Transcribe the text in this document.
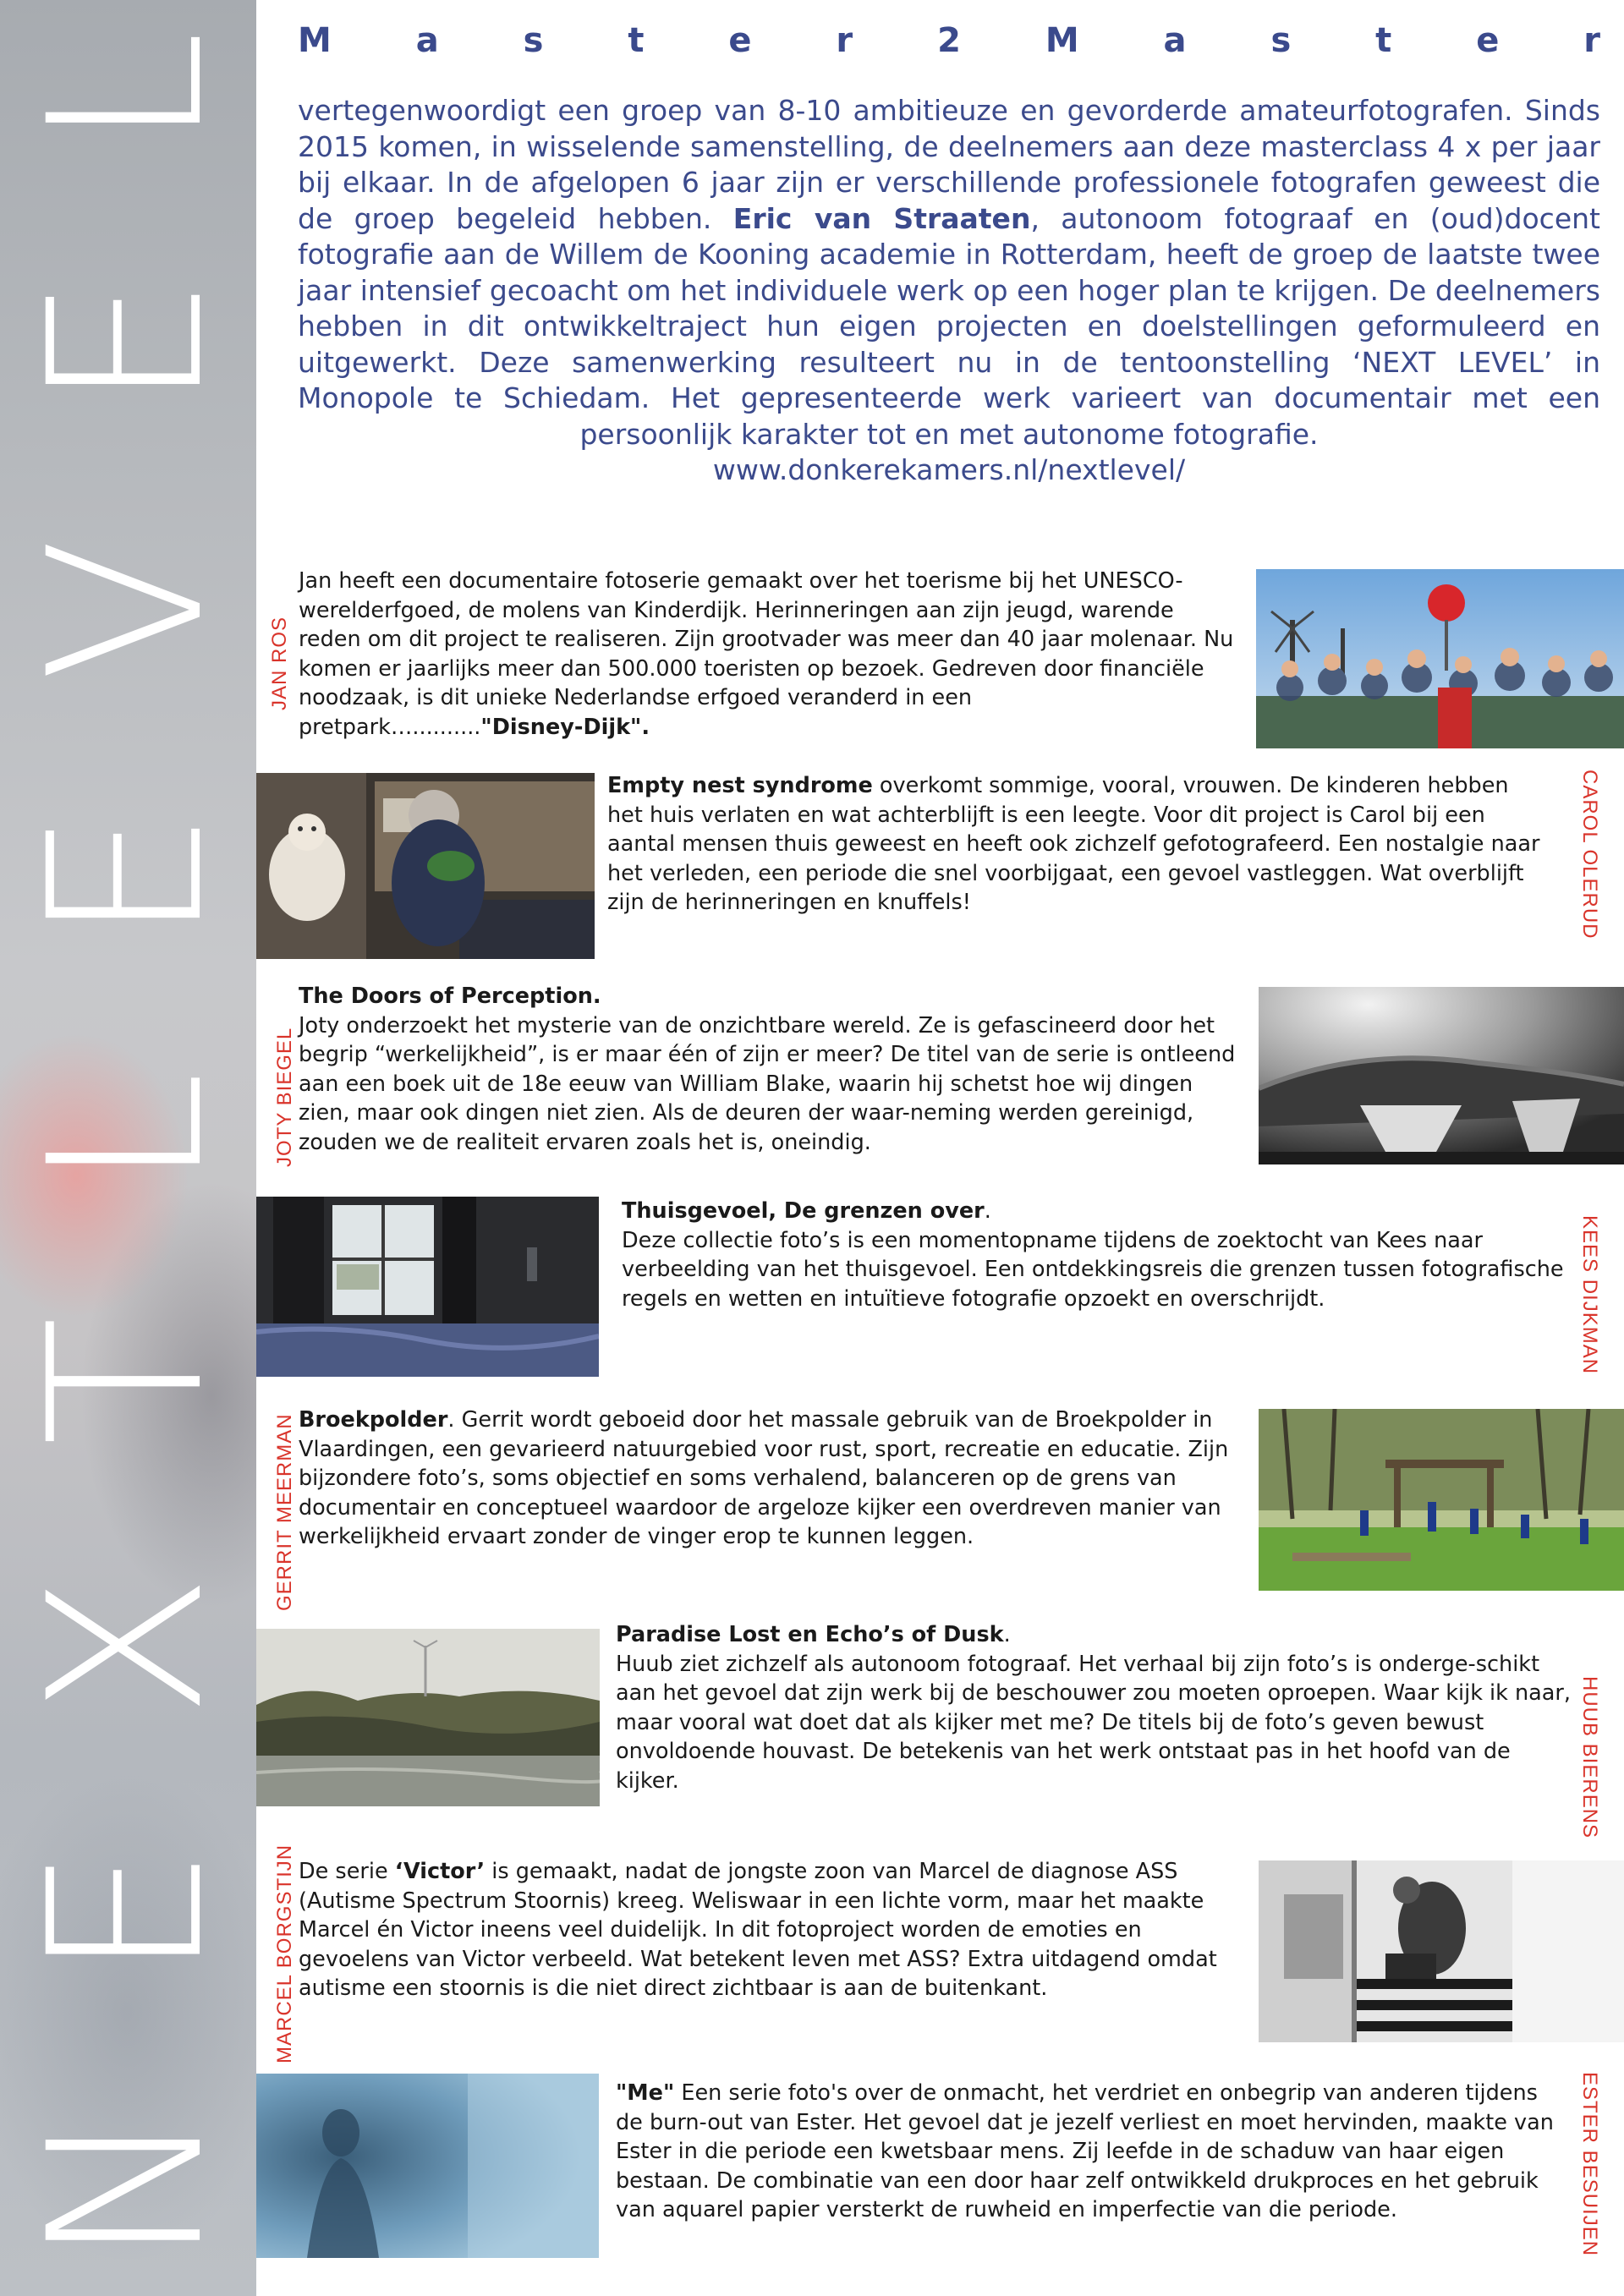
N
E
X
T
L
E
V
E
L M a s t e r 2 M a s t e r

vertegenwoordigt een groep van 8-10 ambitieuze en gevorderde amateurfotografen. Sinds 2015 komen, in wisselende samenstelling, de deelnemers aan deze masterclass 4 x per jaar bij elkaar. In de afgelopen 6 jaar zijn er verschillende professionele fotografen geweest die de groep begeleid hebben. Eric van Straaten, autonoom fotograaf en (oud)docent fotografie aan de Willem de Kooning academie in Rotterdam, heeft de groep de laatste twee jaar intensief gecoacht om het individuele werk op een hoger plan te krijgen. De deelnemers hebben in dit ontwikkeltraject hun eigen projecten en doelstellingen geformuleerd en uitgewerkt. Deze samenwerking resulteert nu in de tentoonstelling ‘NEXT LEVEL’ in Monopole te Schiedam. Het gepresenteerde werk varieert van documentair met een persoonlijk karakter tot en met autonome fotografie.

www.donkerekamers.nl/nextlevel/
JAN ROS
Jan heeft een documentaire fotoserie gemaakt over het toerisme bij het UNESCO-werelderfgoed, de molens van Kinderdijk. Herinneringen aan zijn jeugd, warende reden om dit project te realiseren. Zijn grootvader was meer dan 40 jaar molenaar. Nu komen er jaarlijks meer dan 500.000 toeristen op bezoek. Gedreven door financiële noodzaak, is dit unieke Nederlandse erfgoed veranderd in een pretpark….........."Disney-Dijk".
Empty nest syndrome overkomt sommige, vooral, vrouwen. De kinderen hebben het huis verlaten en wat achterblijft is een leegte. Voor dit project is Carol bij een aantal mensen thuis geweest en heeft ook zichzelf gefotografeerd. Een nostalgie naar het verleden, een periode die snel voorbijgaat, een gevoel vastleggen. Wat overblijft zijn de herinneringen en knuffels!	CAROL OLERUD
JOTY BIEGEL
The Doors of Perception.
Joty onderzoekt het mysterie van de onzichtbare wereld. Ze is gefascineerd door het begrip “werkelijkheid”, is er maar één of zijn er meer? De titel van de serie is ontleend aan een boek uit de 18e eeuw van William Blake, waarin hij schetst hoe wij dingen zien, maar ook dingen niet zien. Als de deuren der waar-neming werden gereinigd, zouden we de realiteit ervaren zoals het is, oneindig.
Thuisgevoel, De grenzen over.
Deze collectie foto’s is een momentopname tijdens de zoektocht van Kees naar verbeelding van het thuisgevoel. Een ontdekkingsreis die grenzen tussen fotografische regels en wetten en intuïtieve fotografie opzoekt en overschrijdt.	KEES DIJKMAN
GERRIT MEERMAN Broekpolder. Gerrit wordt geboeid door het massale gebruik van de Broekpolder in Vlaardingen, een gevarieerd natuurgebied voor rust, sport, recreatie en educatie. Zijn bijzondere foto’s, soms objectief en soms verhalend, balanceren op de grens van documentair en conceptueel waardoor de argeloze kijker een overdreven manier van werkelijkheid ervaart zonder de vinger erop te kunnen leggen.
Paradise Lost en Echo’s of Dusk.
Huub ziet zichzelf als autonoom fotograaf. Het verhaal bij zijn foto’s is onderge-schikt aan het gevoel dat zijn werk bij de beschouwer zou moeten oproepen. Waar kijk ik naar, maar vooral wat doet dat als kijker met me? De titels bij de foto’s geven bewust onvoldoende houvast. De betekenis van het werk ontstaat pas in het hoofd van de kijker.	HUUB BIERENS
MARCEL BORGSTIJN De serie ‘Victor’ is gemaakt, nadat de jongste zoon van Marcel de diagnose ASS (Autisme Spectrum Stoornis) kreeg. Weliswaar in een lichte vorm, maar het maakte Marcel én Victor ineens veel duidelijk. In dit fotoproject worden de emoties en gevoelens van Victor verbeeld. Wat betekent leven met ASS? Extra uitdagend omdat autisme een stoornis is die niet direct zichtbaar is aan de buitenkant.
"Me" Een serie foto's over de onmacht, het verdriet en onbegrip van anderen tijdens de burn-out van Ester. Het gevoel dat je jezelf verliest en moet hervinden, maakte van Ester in die periode een kwetsbaar mens. Zij leefde in de schaduw van haar eigen bestaan. De combinatie van een door haar zelf ontwikkeld drukproces en het gebruik van aquarel papier versterkt de ruwheid en imperfectie van die periode.	ESTER BESUIJEN
